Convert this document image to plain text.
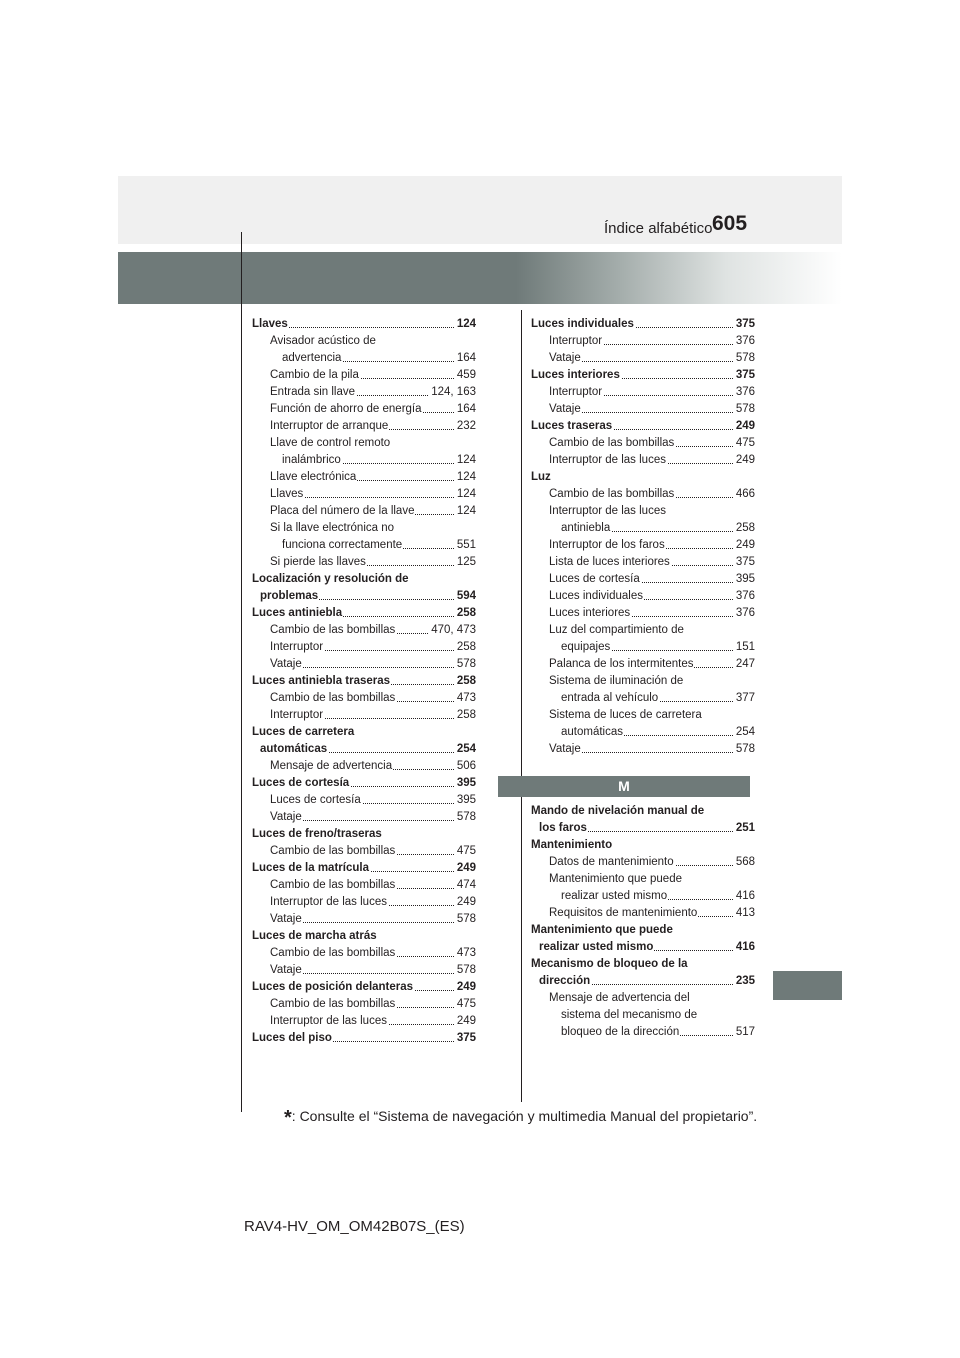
605
Índice alfabético
Llaves	124
Avisador acústico de
advertencia	164
Cambio de la pila	459
Entrada sin llave	124, 163
Función de ahorro de energía	164
Interruptor de arranque	232
Llave de control remoto
inalámbrico	124
Llave electrónica	124
Llaves	124
Placa del número de la llave	124
Si la llave electrónica no
funciona correctamente	551
Si pierde las llaves	125
Localización y resolución de
problemas	594
Luces antiniebla	258
Cambio de las bombillas	470, 473
Interruptor	258
Vataje	578
Luces antiniebla traseras	258
Cambio de las bombillas	473
Interruptor	258
Luces de carretera
automáticas	254
Mensaje de advertencia	506
Luces de cortesía	395
Luces de cortesía	395
Vataje	578
Luces de freno/traseras
Cambio de las bombillas	475
Luces de la matrícula	249
Cambio de las bombillas	474
Interruptor de las luces	249
Vataje	578
Luces de marcha atrás
Cambio de las bombillas	473
Vataje	578
Luces de posición delanteras	249
Cambio de las bombillas	475
Interruptor de las luces	249
Luces del piso	375
Luces individuales	375
Interruptor	376
Vataje	578
Luces interiores	375
Interruptor	376
Vataje	578
Luces traseras	249
Cambio de las bombillas	475
Interruptor de las luces	249
Luz
Cambio de las bombillas	466
Interruptor de las luces
antiniebla	258
Interruptor de los faros	249
Lista de luces interiores	375
Luces de cortesía	395
Luces individuales	376
Luces interiores	376
Luz del compartimiento de
equipajes	151
Palanca de los intermitentes	247
Sistema de iluminación de
entrada al vehículo	377
Sistema de luces de carretera
automáticas	254
Vataje	578
M
Mando de nivelación manual de
los faros	251
Mantenimiento
Datos de mantenimiento	568
Mantenimiento que puede
realizar usted mismo	416
Requisitos de mantenimiento	413
Mantenimiento que puede
realizar usted mismo	416
Mecanismo de bloqueo de la
dirección	235
Mensaje de advertencia del
sistema del mecanismo de
bloqueo de la dirección	517
*: Consulte el “Sistema de navegación y multimedia Manual del propietario”.
RAV4-HV_OM_OM42B07S_(ES)
